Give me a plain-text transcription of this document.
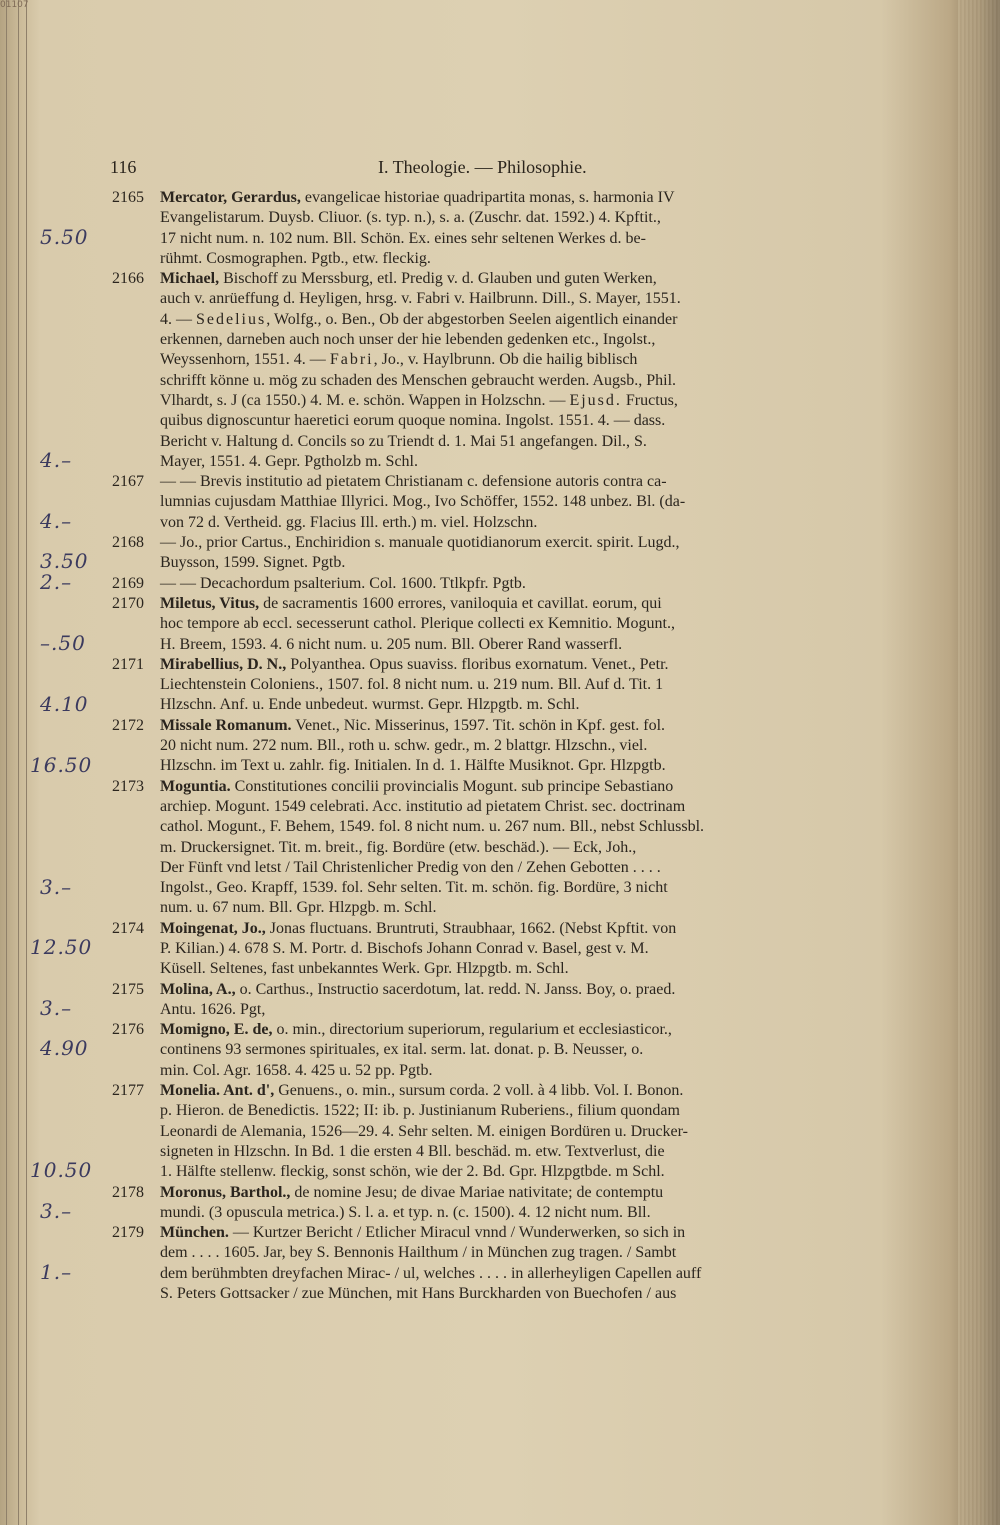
01107
116	I. Theologie. — Philosophie.
2165 Mercator, Gerardus, evangelicae historiae quadripartita monas, s. harmonia IV
Evangelistarum. Duysb. Cliuor. (s. typ. n.), s. a. (Zuschr. dat. 1592.) 4. Kpftit.,
17 nicht num. n. 102 num. Bll. Schön. Ex. eines sehr seltenen Werkes d. be-
rühmt. Cosmographen. Pgtb., etw. fleckig.
2166 Michael, Bischoff zu Merssburg, etl. Predig v. d. Glauben und guten Werken,
auch v. anrüeffung d. Heyligen, hrsg. v. Fabri v. Hailbrunn. Dill., S. Mayer, 1551.
4. — Sedelius, Wolfg., o. Ben., Ob der abgestorben Seelen aigentlich einander
erkennen, darneben auch noch unser der hie lebenden gedenken etc., Ingolst.,
Weyssenhorn, 1551. 4. — Fabri, Jo., v. Haylbrunn. Ob die hailig biblisch
schrifft könne u. mög zu schaden des Menschen gebraucht werden. Augsb., Phil.
Vlhardt, s. J (ca 1550.) 4. M. e. schön. Wappen in Holzschn. — Ejusd. Fructus,
quibus dignoscuntur haeretici eorum quoque nomina. Ingolst. 1551. 4. — dass.
Bericht v. Haltung d. Concils so zu Triendt d. 1. Mai 51 angefangen. Dil., S.
Mayer, 1551. 4. Gepr. Pgtholzb m. Schl.
2167 — — Brevis institutio ad pietatem Christianam c. defensione autoris contra ca-
lumnias cujusdam Matthiae Illyrici. Mog., Ivo Schöffer, 1552. 148 unbez. Bl. (da-
von 72 d. Vertheid. gg. Flacius Ill. erth.) m. viel. Holzschn.
2168 — Jo., prior Cartus., Enchiridion s. manuale quotidianorum exercit. spirit. Lugd.,
Buysson, 1599. Signet. Pgtb.
2169 — — Decachordum psalterium. Col. 1600. Ttlkpfr. Pgtb.
2170 Miletus, Vitus, de sacramentis 1600 errores, vaniloquia et cavillat. eorum, qui
hoc tempore ab eccl. secesserunt cathol. Plerique collecti ex Kemnitio. Mogunt.,
H. Breem, 1593. 4. 6 nicht num. u. 205 num. Bll. Oberer Rand wasserfl.
2171 Mirabellius, D. N., Polyanthea. Opus suaviss. floribus exornatum. Venet., Petr.
Liechtenstein Coloniens., 1507. fol. 8 nicht num. u. 219 num. Bll. Auf d. Tit. 1
Hlzschn. Anf. u. Ende unbedeut. wurmst. Gepr. Hlzpgtb. m. Schl.
2172 Missale Romanum. Venet., Nic. Misserinus, 1597. Tit. schön in Kpf. gest. fol.
20 nicht num. 272 num. Bll., roth u. schw. gedr., m. 2 blattgr. Hlzschn., viel.
Hlzschn. im Text u. zahlr. fig. Initialen. In d. 1. Hälfte Musiknot. Gpr. Hlzpgtb.
2173 Moguntia. Constitutiones concilii provincialis Mogunt. sub principe Sebastiano
archiep. Mogunt. 1549 celebrati. Acc. institutio ad pietatem Christ. sec. doctrinam
cathol. Mogunt., F. Behem, 1549. fol. 8 nicht num. u. 267 num. Bll., nebst Schlussbl.
m. Druckersignet. Tit. m. breit., fig. Bordüre (etw. beschäd.). — Eck, Joh.,
Der Fünft vnd letst / Tail Christenlicher Predig von den / Zehen Gebotten . . . .
Ingolst., Geo. Krapff, 1539. fol. Sehr selten. Tit. m. schön. fig. Bordüre, 3 nicht
num. u. 67 num. Bll. Gpr. Hlzpgb. m. Schl.
2174 Moingenat, Jo., Jonas fluctuans. Bruntruti, Straubhaar, 1662. (Nebst Kpftit. von
P. Kilian.) 4. 678 S. M. Portr. d. Bischofs Johann Conrad v. Basel, gest v. M.
Küsell. Seltenes, fast unbekanntes Werk. Gpr. Hlzpgtb. m. Schl.
2175 Molina, A., o. Carthus., Instructio sacerdotum, lat. redd. N. Janss. Boy, o. praed.
Antu. 1626. Pgt,
2176 Momigno, E. de, o. min., directorium superiorum, regularium et ecclesiasticor.,
continens 93 sermones spirituales, ex ital. serm. lat. donat. p. B. Neusser, o.
min. Col. Agr. 1658. 4. 425 u. 52 pp. Pgtb.
2177 Monelia. Ant. d', Genuens., o. min., sursum corda. 2 voll. à 4 libb. Vol. I. Bonon.
p. Hieron. de Benedictis. 1522; II: ib. p. Justinianum Ruberiens., filium quondam
Leonardi de Alemania, 1526—29. 4. Sehr selten. M. einigen Bordüren u. Drucker-
signeten in Hlzschn. In Bd. 1 die ersten 4 Bll. beschäd. m. etw. Textverlust, die
1. Hälfte stellenw. fleckig, sonst schön, wie der 2. Bd. Gpr. Hlzpgtbde. m Schl.
2178 Moronus, Barthol., de nomine Jesu; de divae Mariae nativitate; de contemptu
mundi. (3 opuscula metrica.) S. l. a. et typ. n. (c. 1500). 4. 12 nicht num. Bll.
2179 München. — Kurtzer Bericht / Etlicher Miracul vnnd / Wunderwerken, so sich in
dem . . . . 1605. Jar, bey S. Bennonis Hailthum / in München zug tragen. / Sambt
dem berühmbten dreyfachen Mirac- / ul, welches . . . . in allerheyligen Capellen auff
S. Peters Gottsacker / zue München, mit Hans Burckharden von Buechofen / aus
5.50
4.–
4.–
3.50
2.–
–.50
4.10
16.50
3.–
12.50
3.–
4.90
10.50
3.–
1.–
